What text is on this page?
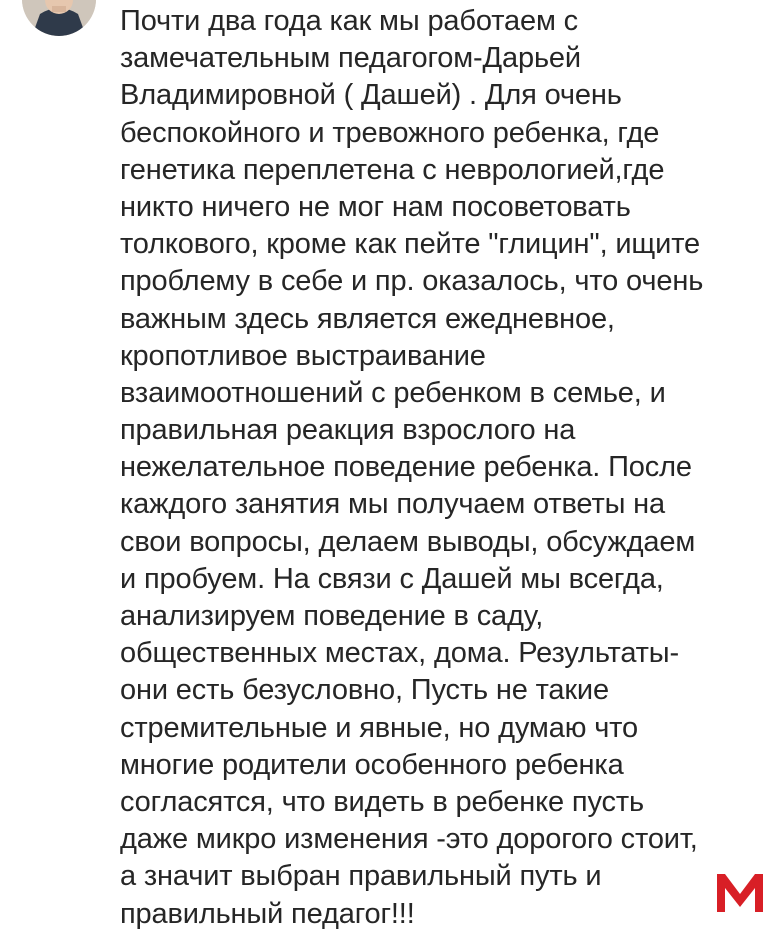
Почти два года как мы работаем с
замечательным педагогом-Дарьей
Владимировной ( Дашей) . Для очень
беспокойного и тревожного ребенка, где
генетика переплетена с неврологией,где
никто ничего не мог нам посоветовать
толкового, кроме как пейте "глицин", ищите
проблему в себе и пр. оказалось, что очень
важным здесь является ежедневное,
кропотливое выстраивание
взаимоотношений с ребенком в семье, и
правильная реакция взрослого на
нежелательное поведение ребенка. После
каждого занятия мы получаем ответы на
свои вопросы, делаем выводы, обсуждаем
и пробуем. На связи с Дашей мы всегда,
анализируем поведение в саду,
общественных местах, дома. Результаты-
они есть безусловно, Пусть не такие
стремительные и явные, но думаю что
многие родители особенного ребенка
согласятся, что видеть в ребенке пусть
даже микро изменения -это дорогого стоит,
а значит выбран правильный путь и
правильный педагог!!!
